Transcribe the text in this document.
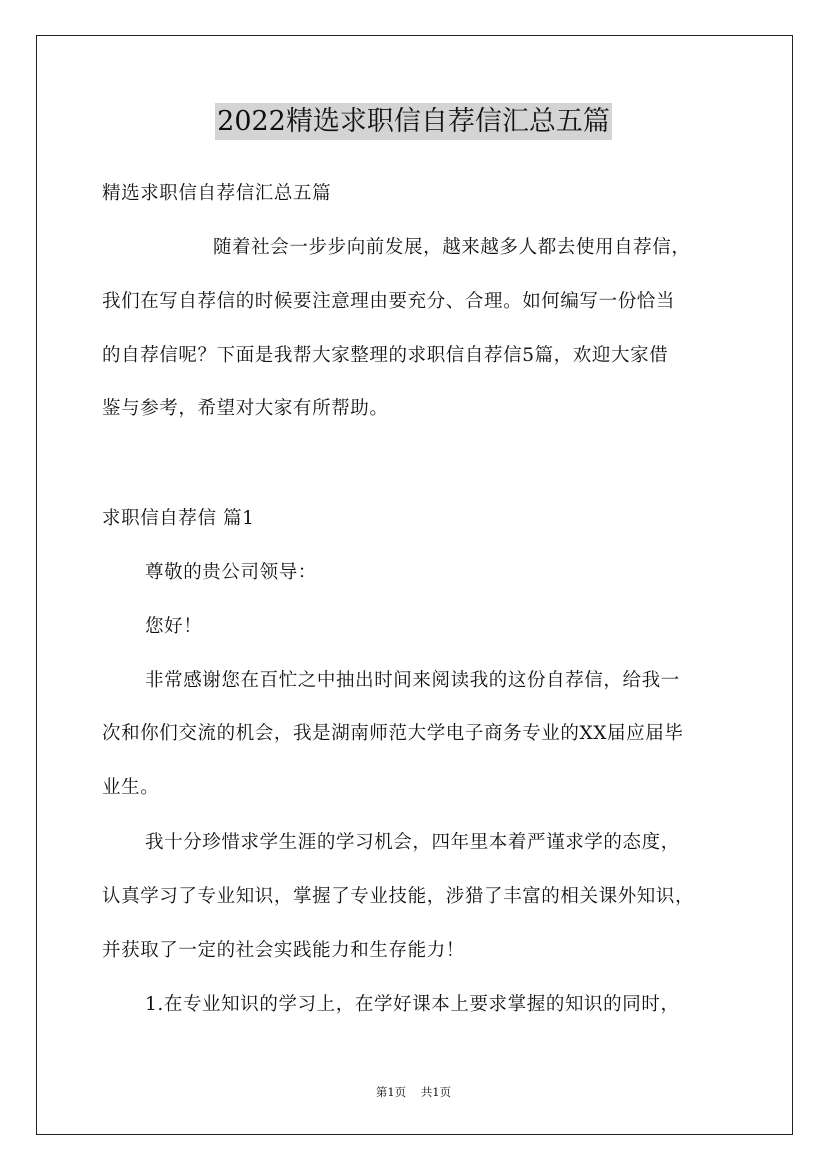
2022精选求职信自荐信汇总五篇
精选求职信自荐信汇总五篇
随着社会一步步向前发展，越来越多人都去使用自荐信，
我们在写自荐信的时候要注意理由要充分、合理。如何编写一份恰当
的自荐信呢？下面是我帮大家整理的求职信自荐信5篇，欢迎大家借
鉴与参考，希望对大家有所帮助。
求职信自荐信 篇1
尊敬的贵公司领导：
您好！
非常感谢您在百忙之中抽出时间来阅读我的这份自荐信，给我一
次和你们交流的机会，我是湖南师范大学电子商务专业的XX届应届毕
业生。
我十分珍惜求学生涯的学习机会，四年里本着严谨求学的态度，
认真学习了专业知识，掌握了专业技能，涉猎了丰富的相关课外知识，
并获取了一定的社会实践能力和生存能力！
1.在专业知识的学习上，在学好课本上要求掌握的知识的同时，
第1页 共1页
